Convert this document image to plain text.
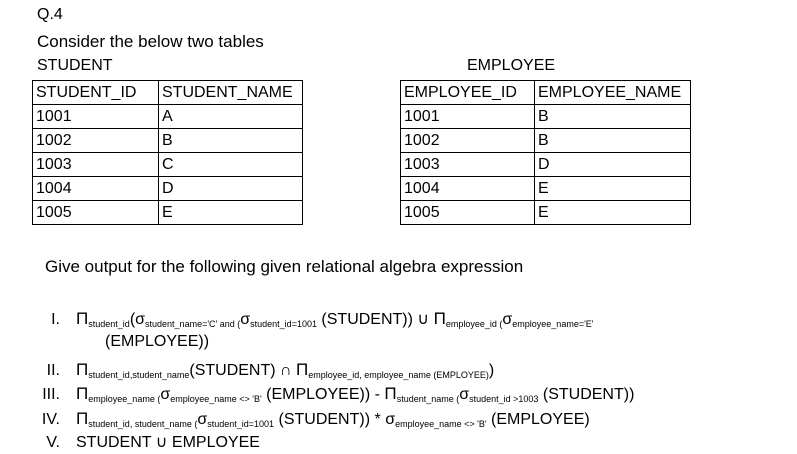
Q.4
Consider the below two tables
STUDENT	EMPLOYEE
STUDENT_ID	STUDENT_NAME
1001	A
1002	B
1003	C
1004	D
1005	E
EMPLOYEE_ID	EMPLOYEE_NAME
1001	B
1002	B
1003	D
1004	E
1005	E
Give output for the following given relational algebra expression
I. $\Pi_{student\_id}(\sigma_{student\_name='C' and (}\sigma_{student\_id=1001}$ (STUDENT)) ∪ $\Pi_{employee\_id (}\sigma_{employee\_name='E'}$
(EMPLOYEE))
II. $\Pi_{student\_id,student\_name}(STUDENT)$ ∩ $\Pi_{employee\_id, employee\_name (EMPLOYEE)}$)
III. $\Pi_{employee\_name (}\sigma_{employee\_name <> 'B'}$ (EMPLOYEE)) - $\Pi_{student\_name (}\sigma_{student\_id >1003}$ (STUDENT))
IV. $\Pi_{student\_id, student\_name (}\sigma_{student\_id=1001}$ (STUDENT)) * $\sigma_{employee\_name <> 'B'}$ (EMPLOYEE)
V. STUDENT ∪ EMPLOYEE
